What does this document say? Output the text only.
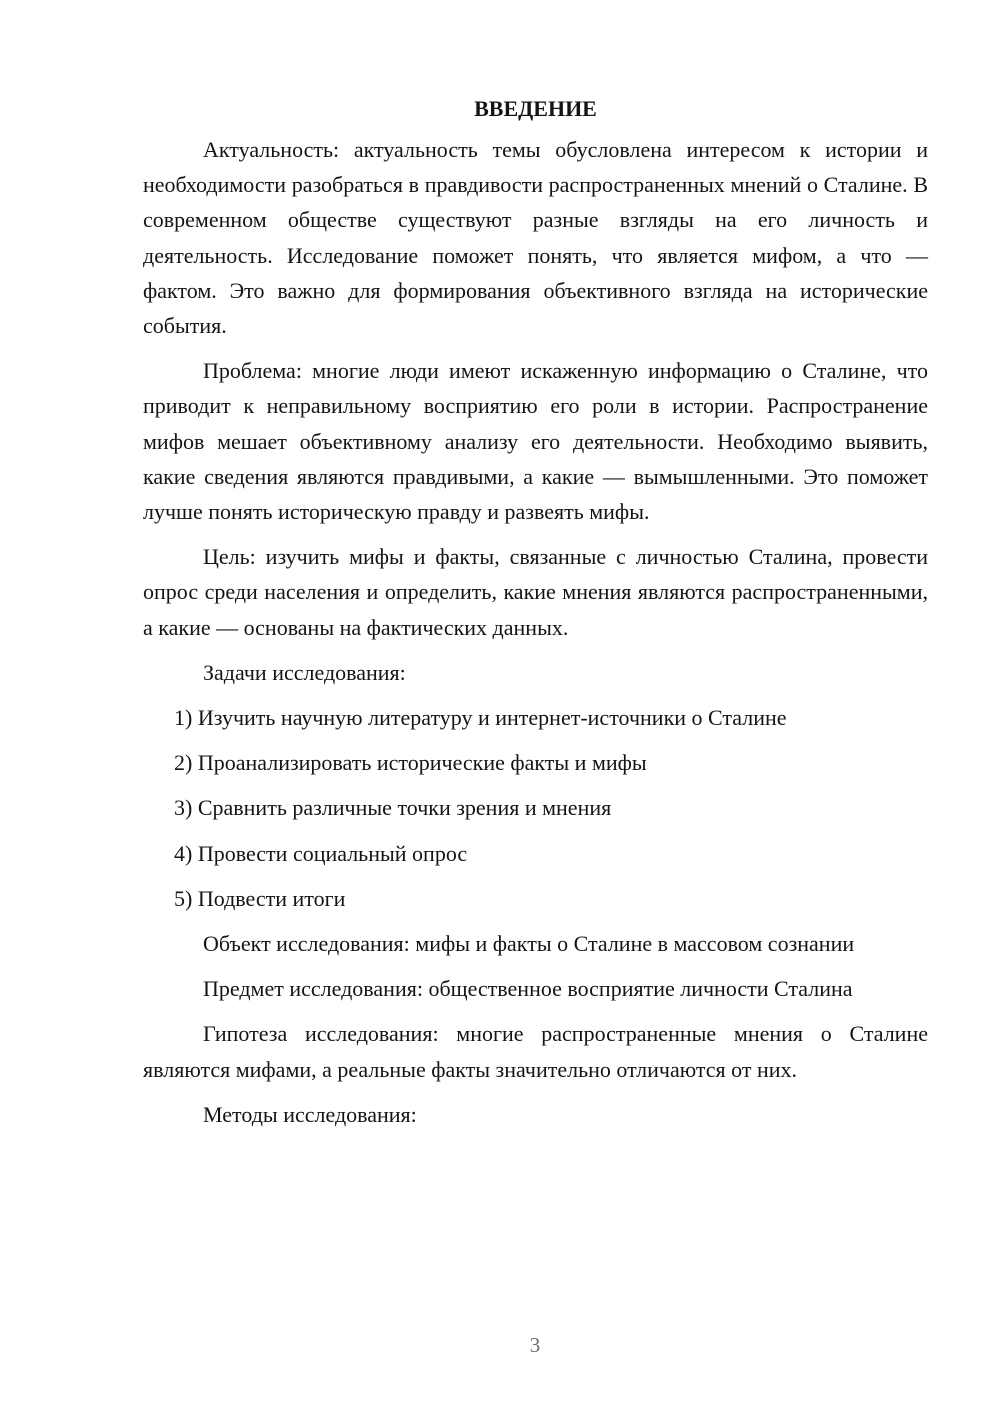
ВВЕДЕНИЕ

Актуальность: актуальность темы обусловлена интересом к истории и необходимости разобраться в правдивости распространенных мнений о Сталине. В современном обществе существуют разные взгляды на его личность и деятельность. Исследование поможет понять, что является мифом, а что — фактом. Это важно для формирования объективного взгляда на исторические события.

Проблема: многие люди имеют искаженную информацию о Сталине, что приводит к неправильному восприятию его роли в истории. Распространение мифов мешает объективному анализу его деятельности. Необходимо выявить, какие сведения являются правдивыми, а какие — вымышленными. Это поможет лучше понять историческую правду и развеять мифы.

Цель: изучить мифы и факты, связанные с личностью Сталина, провести опрос среди населения и определить, какие мнения являются распространенными, а какие — основаны на фактических данных.

Задачи исследования:

1) Изучить научную литературу и интернет-источники о Сталине
2) Проанализировать исторические факты и мифы
3) Сравнить различные точки зрения и мнения
4) Провести социальный опрос
5) Подвести итоги

Объект исследования: мифы и факты о Сталине в массовом сознании

Предмет исследования: общественное восприятие личности Сталина

Гипотеза исследования: многие распространенные мнения о Сталине являются мифами, а реальные факты значительно отличаются от них.

Методы исследования:

3
